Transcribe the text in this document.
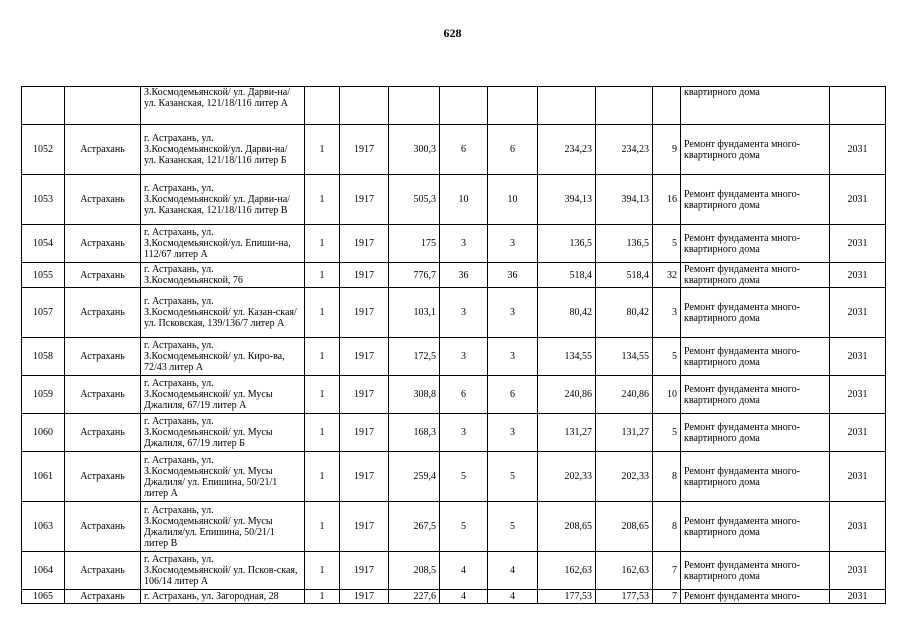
628
		З.Космодемьянской/ ул. Дарви-на/ул. Казанская, 121/18/116 литер А									квартирного дома	
1052	Астрахань	г. Астрахань, ул. З.Космодемьянской/ул. Дарви-на/ ул. Казанская, 121/18/116 литер Б	1	1917	300,3	6	6	234,23	234,23	9	Ремонт фундамента много-квартирного дома	2031
1053	Астрахань	г. Астрахань, ул. З.Космодемьянской/ ул. Дарви-на/ ул. Казанская, 121/18/116 литер В	1	1917	505,3	10	10	394,13	394,13	16	Ремонт фундамента много-квартирного дома	2031
1054	Астрахань	г. Астрахань, ул. З.Космодемьянской/ул. Епиши-на, 112/67 литер А	1	1917	175	3	3	136,5	136,5	5	Ремонт фундамента много-квартирного дома	2031
1055	Астрахань	г. Астрахань, ул. З.Космодемьянской, 76	1	1917	776,7	36	36	518,4	518,4	32	Ремонт фундамента много-квартирного дома	2031
1057	Астрахань	г. Астрахань, ул. З.Космодемьянской/ ул. Казан-ская/ ул. Псковская, 139/136/7 литер А	1	1917	103,1	3	3	80,42	80,42	3	Ремонт фундамента много-квартирного дома	2031
1058	Астрахань	г. Астрахань, ул. З.Космодемьянской/ ул. Киро-ва, 72/43 литер А	1	1917	172,5	3	3	134,55	134,55	5	Ремонт фундамента много-квартирного дома	2031
1059	Астрахань	г. Астрахань, ул. З.Космодемьянской/ ул. Мусы Джалиля, 67/19 литер А	1	1917	308,8	6	6	240,86	240,86	10	Ремонт фундамента много-квартирного дома	2031
1060	Астрахань	г. Астрахань, ул. З.Космодемьянской/ ул. Мусы Джалиля, 67/19 литер Б	1	1917	168,3	3	3	131,27	131,27	5	Ремонт фундамента много-квартирного дома	2031
1061	Астрахань	г. Астрахань, ул. З.Космодемьянской/ ул. Мусы Джалиля/ ул. Епишина, 50/21/1 литер А	1	1917	259,4	5	5	202,33	202,33	8	Ремонт фундамента много-квартирного дома	2031
1063	Астрахань	г. Астрахань, ул. З.Космодемьянской/ ул. Мусы Джалиля/ул. Епишина, 50/21/1 литер В	1	1917	267,5	5	5	208,65	208,65	8	Ремонт фундамента много-квартирного дома	2031
1064	Астрахань	г. Астрахань, ул. З.Космодемьянской/ ул. Псков-ская, 106/14 литер А	1	1917	208,5	4	4	162,63	162,63	7	Ремонт фундамента много-квартирного дома	2031
1065	Астрахань	г. Астрахань, ул. Загородная, 28	1	1917	227,6	4	4	177,53	177,53	7	Ремонт фундамента много-	2031
